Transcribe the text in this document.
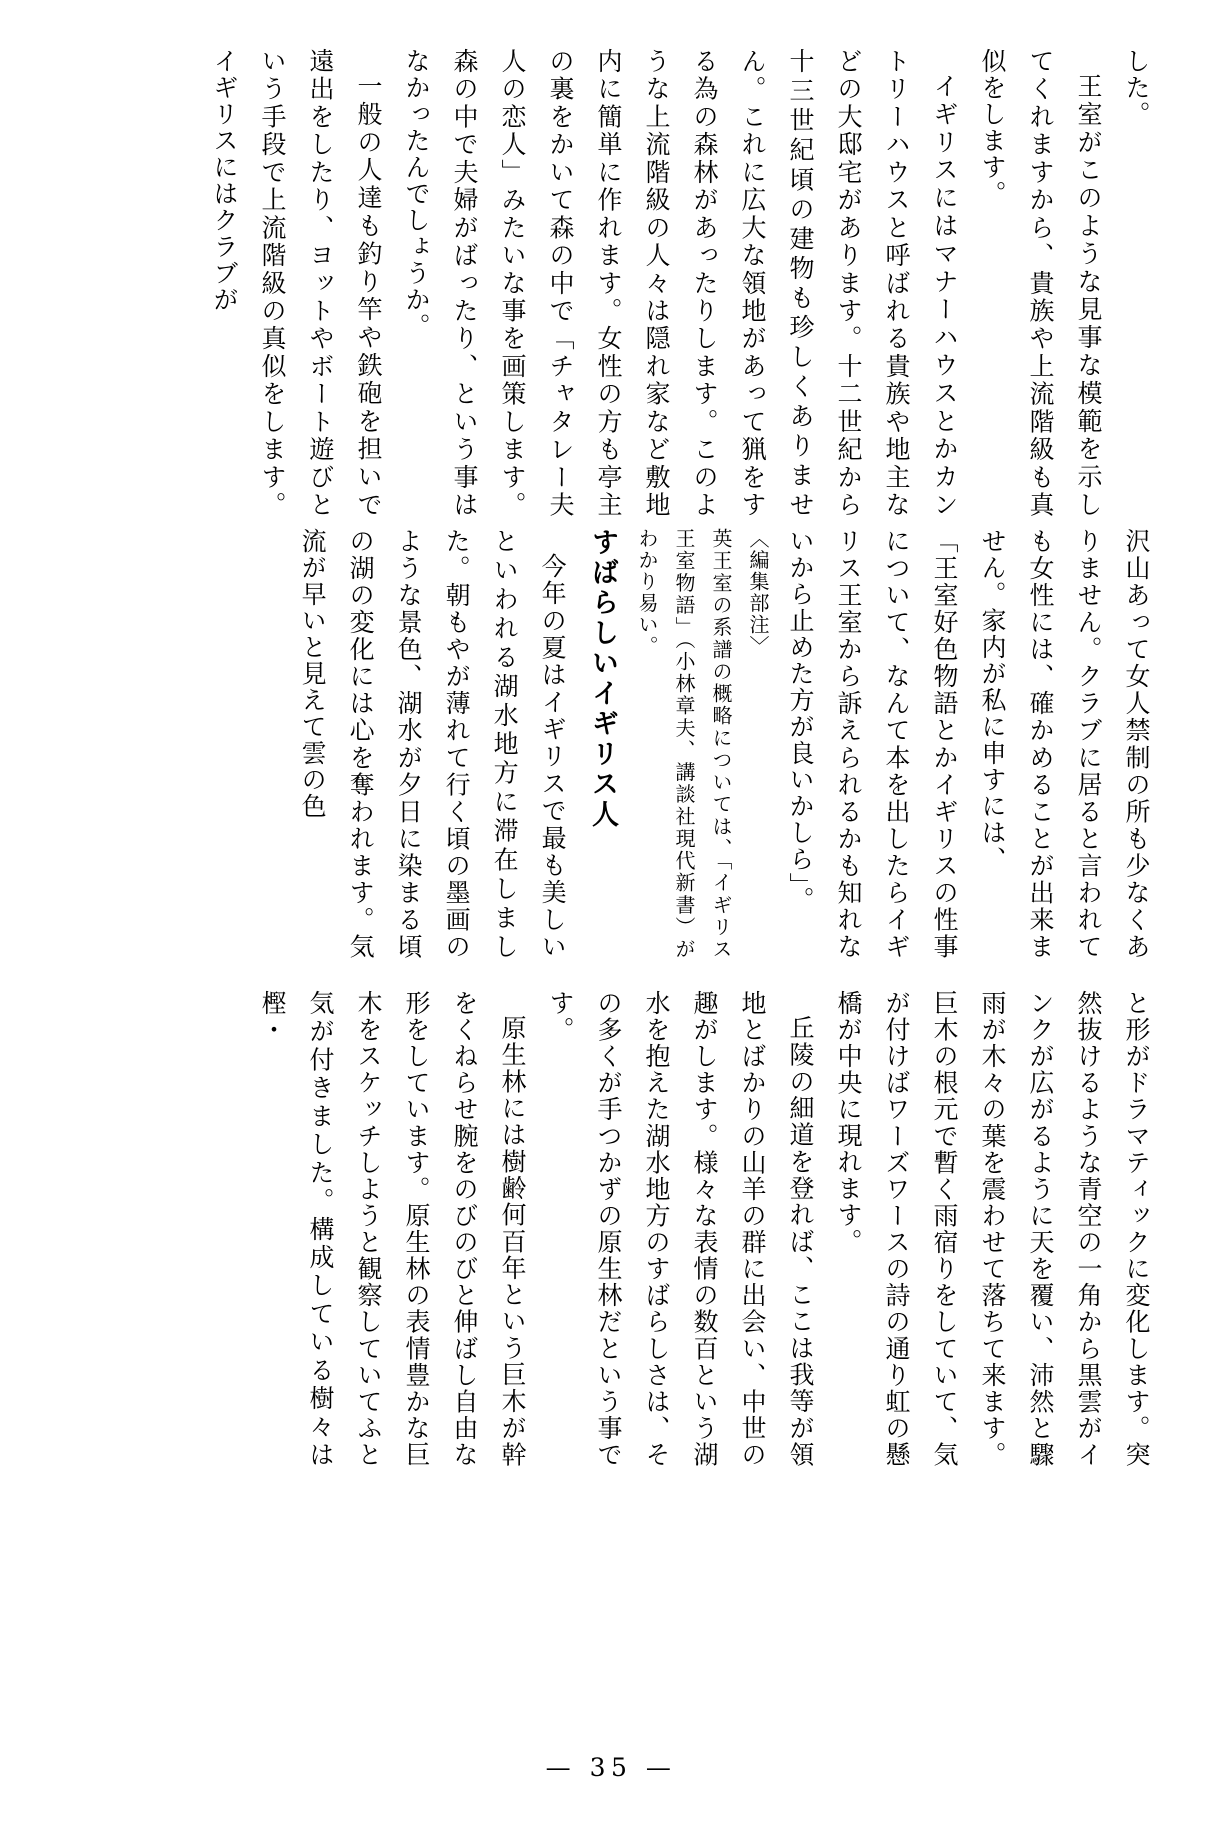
した。

王室がこのような見事な模範を示してくれますから、貴族や上流階級も真似をします。

イギリスにはマナーハウスとかカントリーハウスと呼ばれる貴族や地主などの大邸宅があります。十二世紀から十三世紀頃の建物も珍しくありません。これに広大な領地があって猟をする為の森林があったりします。このような上流階級の人々は隠れ家など敷地内に簡単に作れます。女性の方も亭主の裏をかいて森の中で「チャタレー夫人の恋人」みたいな事を画策します。森の中で夫婦がばったり、という事はなかったんでしょうか。

一般の人達も釣り竿や鉄砲を担いで遠出をしたり、ヨットやボート遊びという手段で上流階級の真似をします。イギリスにはクラブが

沢山あって女人禁制の所も少なくありません。クラブに居ると言われても女性には、確かめることが出来ません。家内が私に申すには、

「王室好色物語とかイギリスの性事について、なんて本を出したらイギリス王室から訴えられるかも知れないから止めた方が良いかしら」。

〈編集部注〉

英王室の系譜の概略については、「イギリス王室物語」（小林章夫、講談社現代新書）がわかり易い。

すばらしいイギリス人

今年の夏はイギリスで最も美しいといわれる湖水地方に滞在しました。朝もやが薄れて行く頃の墨画のような景色、湖水が夕日に染まる頃の湖の変化には心を奪われます。気流が早いと見えて雲の色

と形がドラマティックに変化します。突然抜けるような青空の一角から黒雲がインクが広がるように天を覆い、沛然と驟雨が木々の葉を震わせて落ちて来ます。巨木の根元で暫く雨宿りをしていて、気が付けばワーズワースの詩の通り虹の懸橋が中央に現れます。

丘陵の細道を登れば、ここは我等が領地とばかりの山羊の群に出会い、中世の趣がします。様々な表情の数百という湖水を抱えた湖水地方のすばらしさは、その多くが手つかずの原生林だという事です。

原生林には樹齢何百年という巨木が幹をくねらせ腕をのびのびと伸ばし自由な形をしています。原生林の表情豊かな巨木をスケッチしようと観察していてふと気が付きました。構成している樹々は樫・

— 35 —
